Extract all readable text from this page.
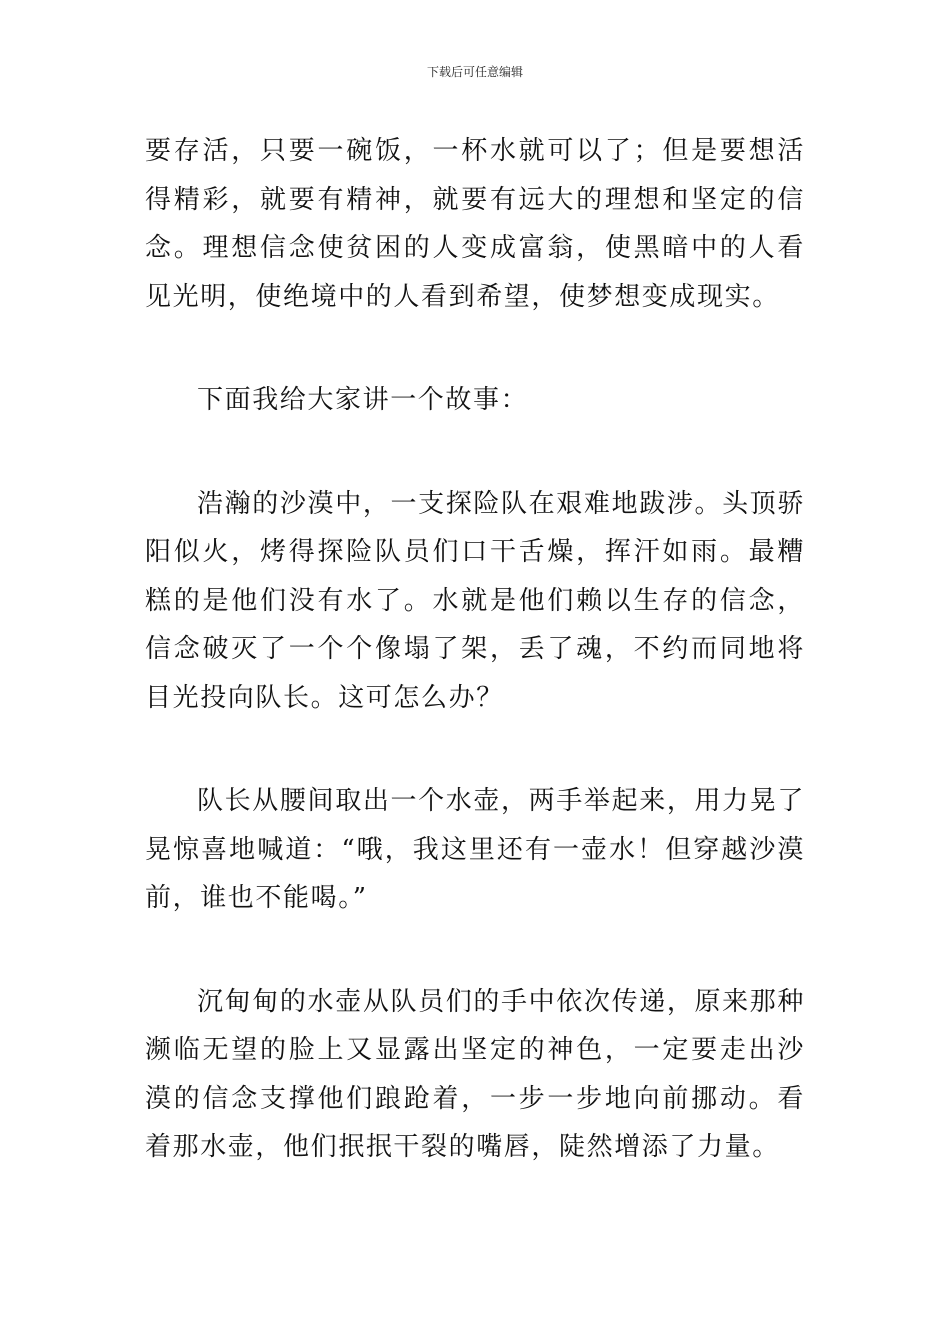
下载后可任意编辑

要存活，只要一碗饭，一杯水就可以了；但是要想活得精彩，就要有精神，就要有远大的理想和坚定的信念。理想信念使贫困的人变成富翁，使黑暗中的人看见光明，使绝境中的人看到希望，使梦想变成现实。

下面我给大家讲一个故事：

浩瀚的沙漠中，一支探险队在艰难地跋涉。头顶骄阳似火，烤得探险队员们口干舌燥，挥汗如雨。最糟糕的是他们没有水了。水就是他们赖以生存的信念，信念破灭了一个个像塌了架，丢了魂，不约而同地将目光投向队长。这可怎么办？

队长从腰间取出一个水壶，两手举起来，用力晃了晃惊喜地喊道：“哦，我这里还有一壶水！但穿越沙漠前，谁也不能喝。”

沉甸甸的水壶从队员们的手中依次传递，原来那种濒临无望的脸上又显露出坚定的神色，一定要走出沙漠的信念支撑他们踉跄着，一步一步地向前挪动。看着那水壶，他们抿抿干裂的嘴唇，陡然增添了力量。
